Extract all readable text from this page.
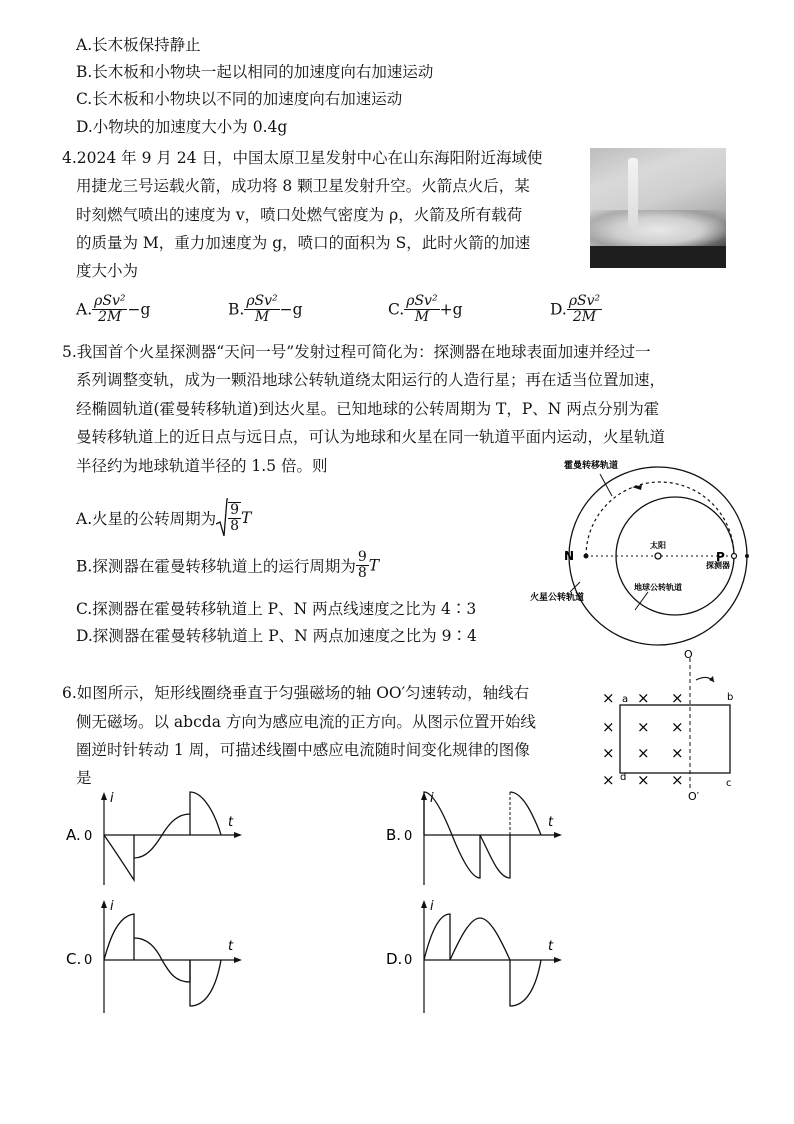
A.长木板保持静止
B.长木板和小物块一起以相同的加速度向右加速运动
C.长木板和小物块以不同的加速度向右加速运动
D.小物块的加速度大小为 0.4g
4.2024 年 9 月 24 日，中国太原卫星发射中心在山东海阳附近海域使
用捷龙三号运载火箭，成功将 8 颗卫星发射升空。火箭点火后，某
时刻燃气喷出的速度为 v，喷口处燃气密度为 ρ，火箭及所有载荷
的质量为 M，重力加速度为 g，喷口的面积为 S，此时火箭的加速
度大小为
A. $\frac{\text{ρSv²}}{2M} -g$	B. $\frac{\text{ρSv²}}{M} -g$	C. $\frac{\text{ρSv²}}{M} +g$	D. $\frac{\text{ρSv²}}{2M}$
5.我国首个火星探测器“天问一号”发射过程可简化为：探测器在地球表面加速并经过一
系列调整变轨，成为一颗沿地球公转轨道绕太阳运行的人造行星；再在适当位置加速，
经椭圆轨道(霍曼转移轨道)到达火星。已知地球的公转周期为 T，P、N 两点分别为霍
曼转移轨道上的近日点与远日点，可认为地球和火星在同一轨道平面内运动，火星轨道
半径约为地球轨道半径的 1.5 倍。则
A.火星的公转周期为 $\frac{9}{8}$ T
B.探测器在霍曼转移轨道上的运行周期为 $\frac{9}{8}$ T
C.探测器在霍曼转移轨道上 P、N 两点线速度之比为 4∶3
D.探测器在霍曼转移轨道上 P、N 两点加速度之比为 9∶4
霍曼转移轨道
太阳
探测器
地球公转轨道
火星公转轨道
N	P
6.如图所示，矩形线圈绕垂直于匀强磁场的轴 OO′匀速转动，轴线右
侧无磁场。以 abcda 方向为感应电流的正方向。从图示位置开始线
圈逆时针转动 1 周，可描述线圈中感应电流随时间变化规律的图像
是
O
O′
a	b
c
d
× × ×
× × ×
× × ×
× × ×
A. 0
i
t
B. 0
i
t
C. 0
i
t
D. 0
i
t
